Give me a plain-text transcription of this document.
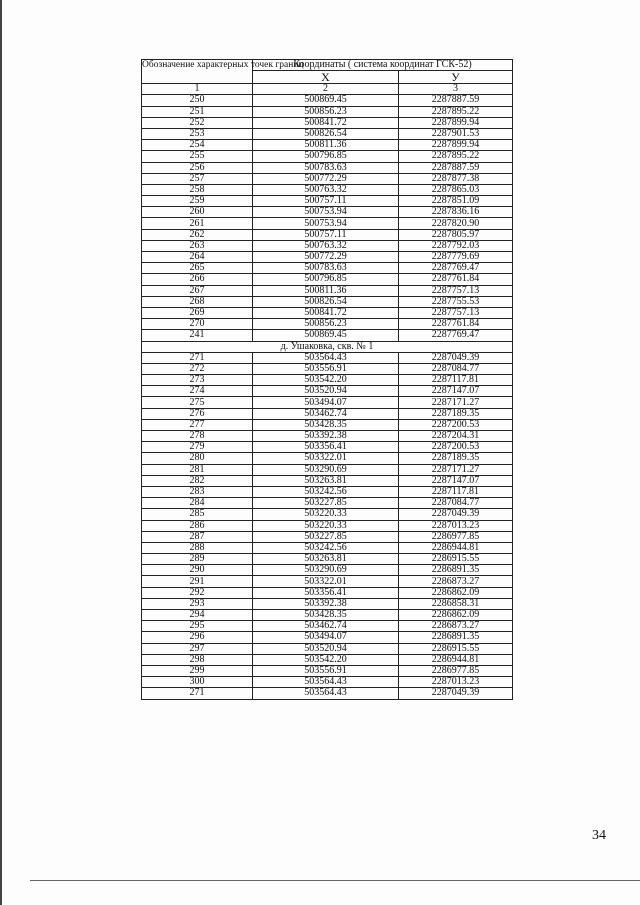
Обозначение характерных точек границ	Координаты ( система координат ГСК-52)	
	X	У
1	2	3
250	500869.45	2287887.59
251	500856.23	2287895.22
252	500841.72	2287899.94
253	500826.54	2287901.53
254	500811.36	2287899.94
255	500796.85	2287895.22
256	500783.63	2287887.59
257	500772.29	2287877.38
258	500763.32	2287865.03
259	500757.11	2287851.09
260	500753.94	2287836.16
261	500753.94	2287820.90
262	500757.11	2287805.97
263	500763.32	2287792.03
264	500772.29	2287779.69
265	500783.63	2287769.47
266	500796.85	2287761.84
267	500811.36	2287757.13
268	500826.54	2287755.53
269	500841.72	2287757.13
270	500856.23	2287761.84
241	500869.45	2287769.47
д. Ушаковка, скв. № 1		
271	503564.43	2287049.39
272	503556.91	2287084.77
273	503542.20	2287117.81
274	503520.94	2287147.07
275	503494.07	2287171.27
276	503462.74	2287189.35
277	503428.35	2287200.53
278	503392.38	2287204.31
279	503356.41	2287200.53
280	503322.01	2287189.35
281	503290.69	2287171.27
282	503263.81	2287147.07
283	503242.56	2287117.81
284	503227.85	2287084.77
285	503220.33	2287049.39
286	503220.33	2287013.23
287	503227.85	2286977.85
288	503242.56	2286944.81
289	503263.81	2286915.55
290	503290.69	2286891.35
291	503322.01	2286873.27
292	503356.41	2286862.09
293	503392.38	2286858.31
294	503428.35	2286862.09
295	503462.74	2286873.27
296	503494.07	2286891.35
297	503520.94	2286915.55
298	503542.20	2286944.81
299	503556.91	2286977.85
300	503564.43	2287013.23
271	503564.43	2287049.39
34
